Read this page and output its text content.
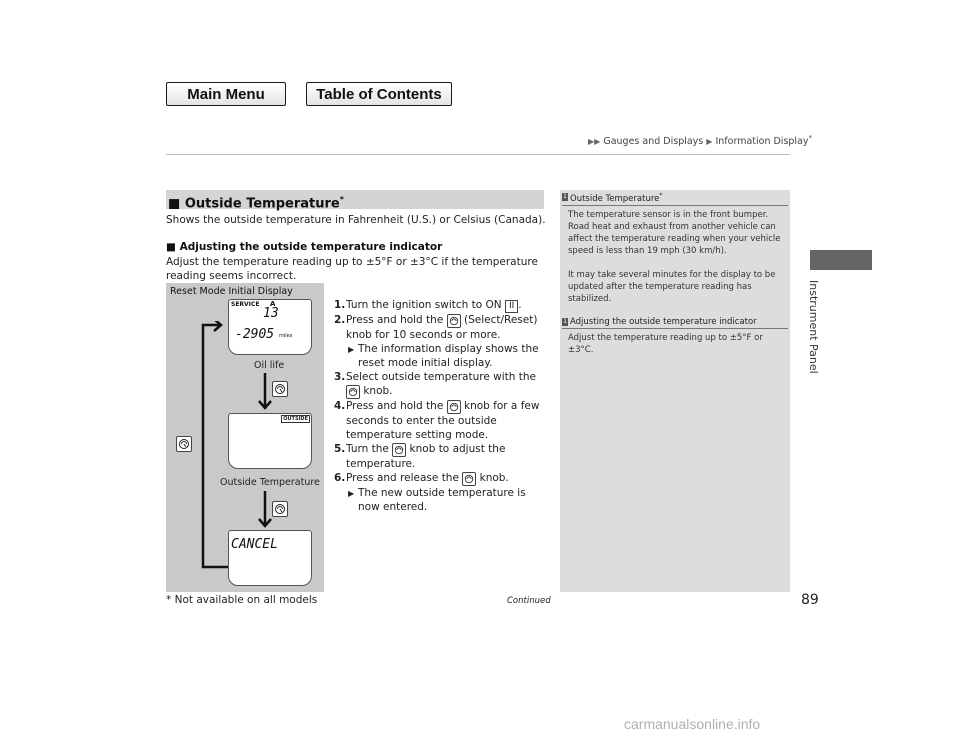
Main Menu	Table of Contents
▶▶ Gauges and Displays ▶ Information Display*
Instrument Panel
■ Outside Temperature*
Shows the outside temperature in Fahrenheit (U.S.) or Celsius (Canada).
■ Adjusting the outside temperature indicator
Adjust the temperature reading up to ±5°F or ±3°C if the temperature reading seems incorrect.
Reset Mode Initial Display
SERVICE A
13
-2905 miles
Oil life
OUTSIDE
Outside Temperature
CANCEL
1. Turn the ignition switch to ON II .
2. Press and hold the (Select/Reset) knob for 10 seconds or more.
▶ The information display shows the reset mode initial display.
3. Select outside temperature with the
knob.
4. Press and hold the knob for a few seconds to enter the outside temperature setting mode.
5. Turn the knob to adjust the temperature.
6. Press and release the knob.
▶ The new outside temperature is now entered.
1 Outside Temperature*

The temperature sensor is in the front bumper. Road heat and exhaust from another vehicle can affect the temperature reading when your vehicle speed is less than 19 mph (30 km/h).

It may take several minutes for the display to be updated after the temperature reading has stabilized.

1 Adjusting the outside temperature indicator

Adjust the temperature reading up to ±5°F or ±3°C.

* Not available on all models	Continued	89
carmanualsonline.info
